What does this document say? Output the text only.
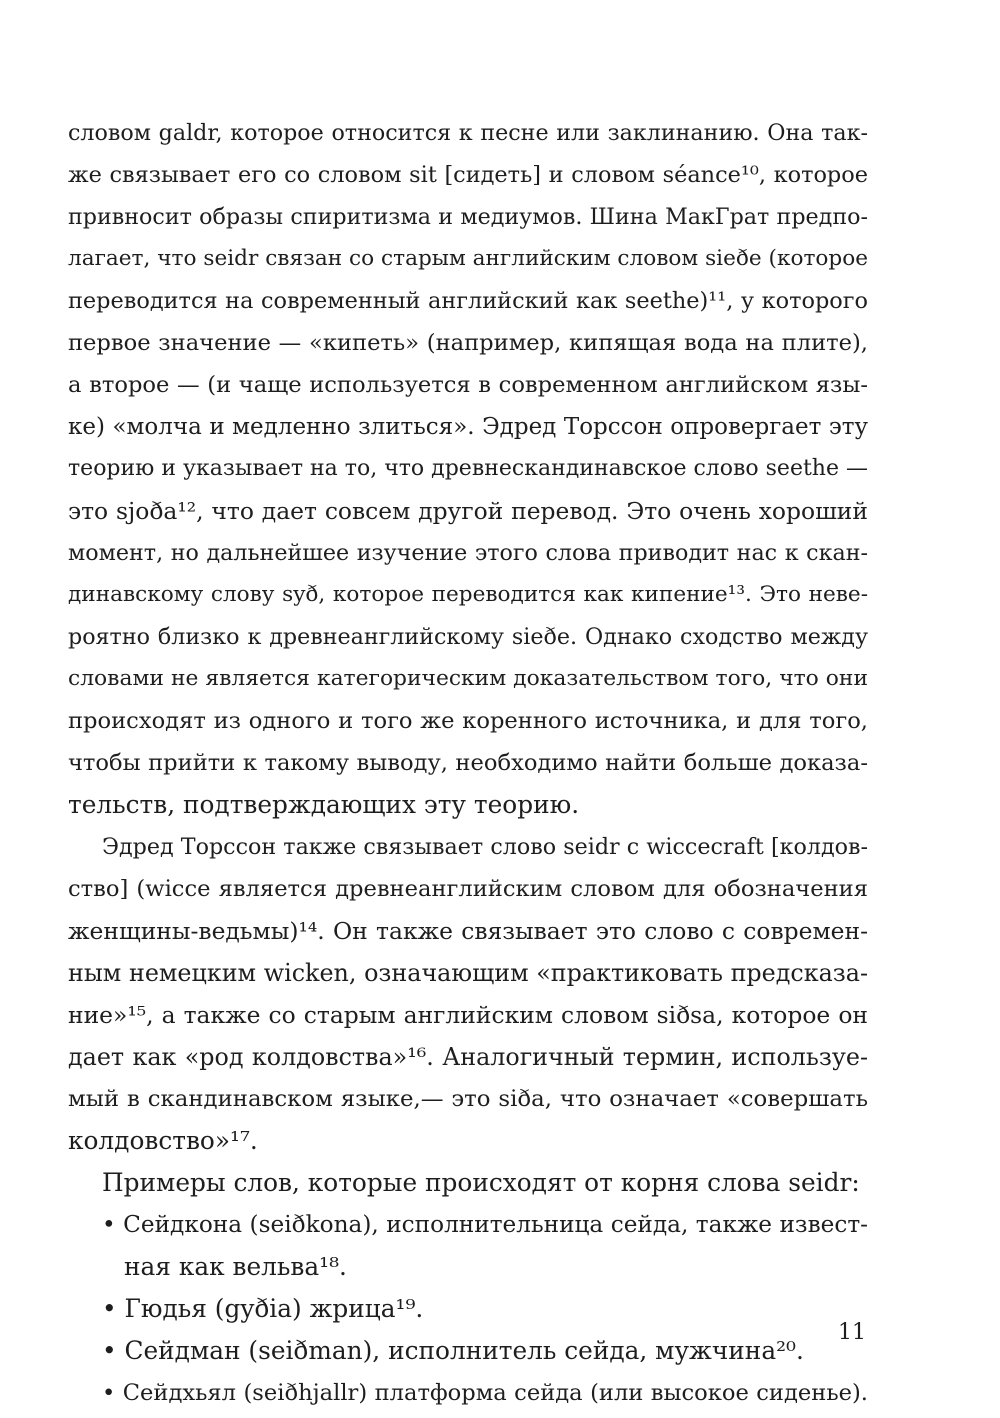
словом galdr, которое относится к песне или заклинанию. Она так-
же связывает его со словом sit [сидеть] и словом séance¹⁰, которое
привносит образы спиритизма и медиумов. Шина МакГрат предпо-
лагает, что seidr связан со старым английским словом sieðe (которое
переводится на современный английский как seethe)¹¹, у которого
первое значение — «кипеть» (например, кипящая вода на плите),
а второе — (и чаще используется в современном английском язы-
ке) «молча и медленно злиться». Эдред Торссон опровергает эту
теорию и указывает на то, что древнескандинавское слово seethe —
это sjoða¹², что дает совсем другой перевод. Это очень хороший
момент, но дальнейшее изучение этого слова приводит нас к скан-
динавскому слову syð, которое переводится как кипение¹³. Это неве-
роятно близко к древнеанглийскому sieðe. Однако сходство между
словами не является категорическим доказательством того, что они
происходят из одного и того же коренного источника, и для того,
чтобы прийти к такому выводу, необходимо найти больше доказа-
тельств, подтверждающих эту теорию.
Эдред Торссон также связывает слово seidr с wiccecraft [колдов-
ство] (wicce является древнеанглийским словом для обозначения
женщины-ведьмы)¹⁴. Он также связывает это слово с современ-
ным немецким wicken, означающим «практиковать предсказа-
ние»¹⁵, а также со старым английским словом siðsa, которое он
дает как «род колдовства»¹⁶. Аналогичный термин, используе-
мый в скандинавском языке,— это siða, что означает «совершать
колдовство»¹⁷.
Примеры слов, которые происходят от корня слова seidr:
• Сейдкона (seiðkona), исполнительница сейда, также извест-
ная как вельва¹⁸.
• Гюдья (gyðia) жрица¹⁹.
• Сейдман (seiðman), исполнитель сейда, мужчина²⁰.
• Сейдхьял (seiðhjallr) платформа сейда (или высокое сиденье).
11
